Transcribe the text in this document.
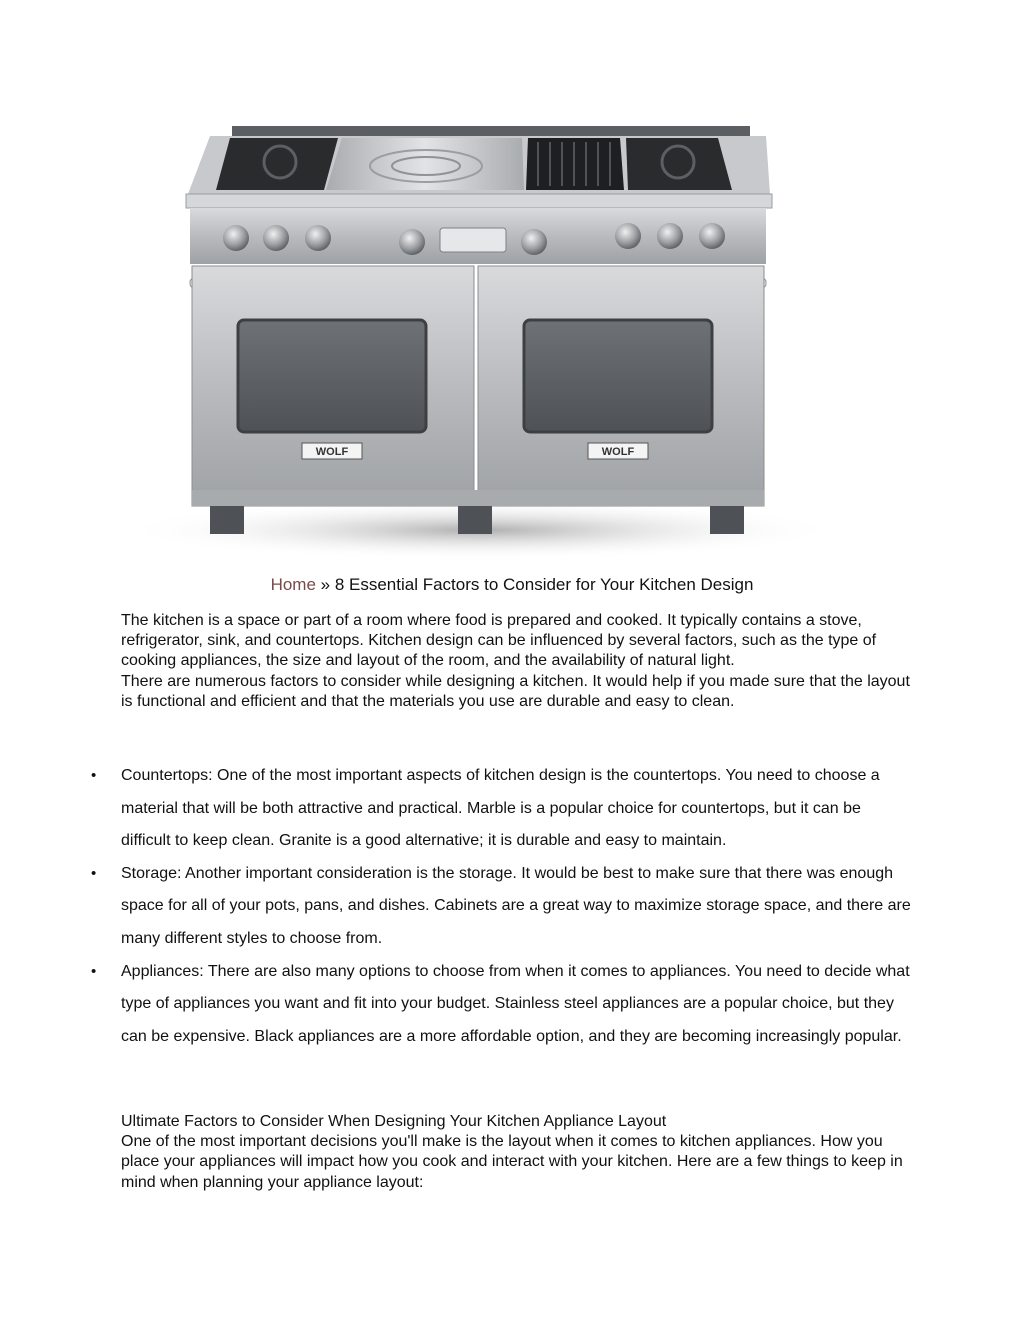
WOLF	WOLF
Home » 8 Essential Factors to Consider for Your Kitchen Design

The kitchen is a space or part of a room where food is prepared and cooked. It typically contains a stove, refrigerator, sink, and countertops. Kitchen design can be influenced by several factors, such as the type of cooking appliances, the size and layout of the room, and the availability of natural light.

There are numerous factors to consider while designing a kitchen. It would help if you made sure that the layout is functional and efficient and that the materials you use are durable and easy to clean.

• Countertops: One of the most important aspects of kitchen design is the countertops. You need to choose a material that will be both attractive and practical. Marble is a popular choice for countertops, but it can be difficult to keep clean. Granite is a good alternative; it is durable and easy to maintain.
• Storage: Another important consideration is the storage. It would be best to make sure that there was enough space for all of your pots, pans, and dishes. Cabinets are a great way to maximize storage space, and there are many different styles to choose from.
• Appliances: There are also many options to choose from when it comes to appliances. You need to decide what type of appliances you want and fit into your budget. Stainless steel appliances are a popular choice, but they can be expensive. Black appliances are a more affordable option, and they are becoming increasingly popular.

Ultimate Factors to Consider When Designing Your Kitchen Appliance Layout

One of the most important decisions you'll make is the layout when it comes to kitchen appliances. How you place your appliances will impact how you cook and interact with your kitchen. Here are a few things to keep in mind when planning your appliance layout:
